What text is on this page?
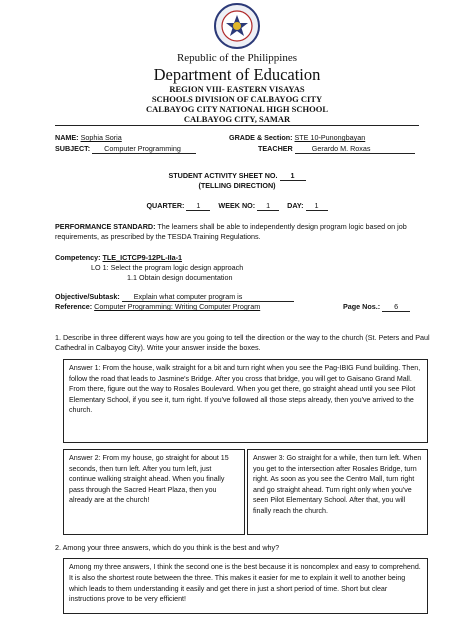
Republic of the Philippines
Department of Education
REGION VIII- EASTERN VISAYAS
SCHOOLS DIVISION OF CALBAYOG CITY
CALBAYOG CITY NATIONAL HIGH SCHOOL
CALBAYOG CITY, SAMAR
NAME: Sophia Soria	GRADE & Section: STE 10-Punongbayan
SUBJECT: Computer Programming	TEACHER	Gerardo M. Roxas
STUDENT ACTIVITY SHEET NO. 1
(TELLING DIRECTION)
QUARTER: 1	WEEK NO: 1 DAY: 1
PERFORMANCE STANDARD: The learners shall be able to independently design program logic based on job requirements, as prescribed by the TESDA Training Regulations.
Competency: TLE_ICTCP9-12PL-IIa-1
LO 1: Select the program logic design approach
1.1 Obtain design documentation
Objective/Subtask: Explain what computer program is
Reference: Computer Programming: Writing Computer Program	Page Nos.: 6
1. Describe in three different ways how are you going to tell the direction or the way to the church (St. Peters and Paul Cathedral in Calbayog City). Write your answer inside the boxes.
Answer 1: From the house, walk straight for a bit and turn right when you see the Pag-IBIG Fund building. Then, follow the road that leads to Jasmine's Bridge. After you cross that bridge, you will get to Gaisano Grand Mall. From there, figure out the way to Rosales Boulevard. When you get there, go straight ahead until you see Pilot Elementary School, if you see it, turn right. If you've followed all those steps already, then you've arrived to the church.
Answer 2: From my house, go straight for about 15 seconds, then turn left. After you turn left, just continue walking straight ahead. When you finally pass through the Sacred Heart Plaza, then you already are at the church!
Answer 3: Go straight for a while, then turn left. When you get to the intersection after Rosales Bridge, turn right. As soon as you see the Centro Mall, turn right and go straight ahead. Turn right only when you've seen Pilot Elementary School. After that, you will finally reach the church.
2. Among your three answers, which do you think is the best and why?
Among my three answers, I think the second one is the best because it is noncomplex and easy to comprehend. It is also the shortest route between the three. This makes it easier for me to explain it well to another being which leads to them understanding it easily and get there in just a short period of time. Short but clear instructions prove to be very efficient!
